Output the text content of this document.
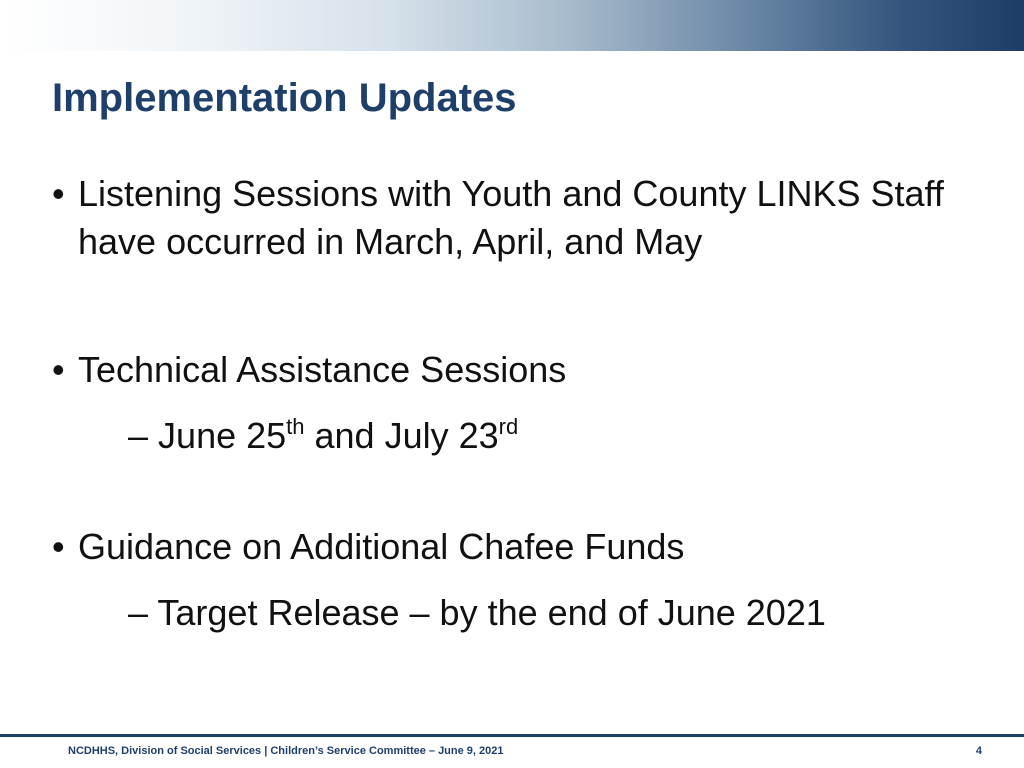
Implementation Updates
• Listening Sessions with Youth and County LINKS Staff have occurred in March, April, and May
• Technical Assistance Sessions
– June 25th and July 23rd
• Guidance on Additional Chafee Funds
– Target Release – by the end of June 2021
NCDHHS, Division of Social Services | Children’s Service Committee – June 9, 2021	4
